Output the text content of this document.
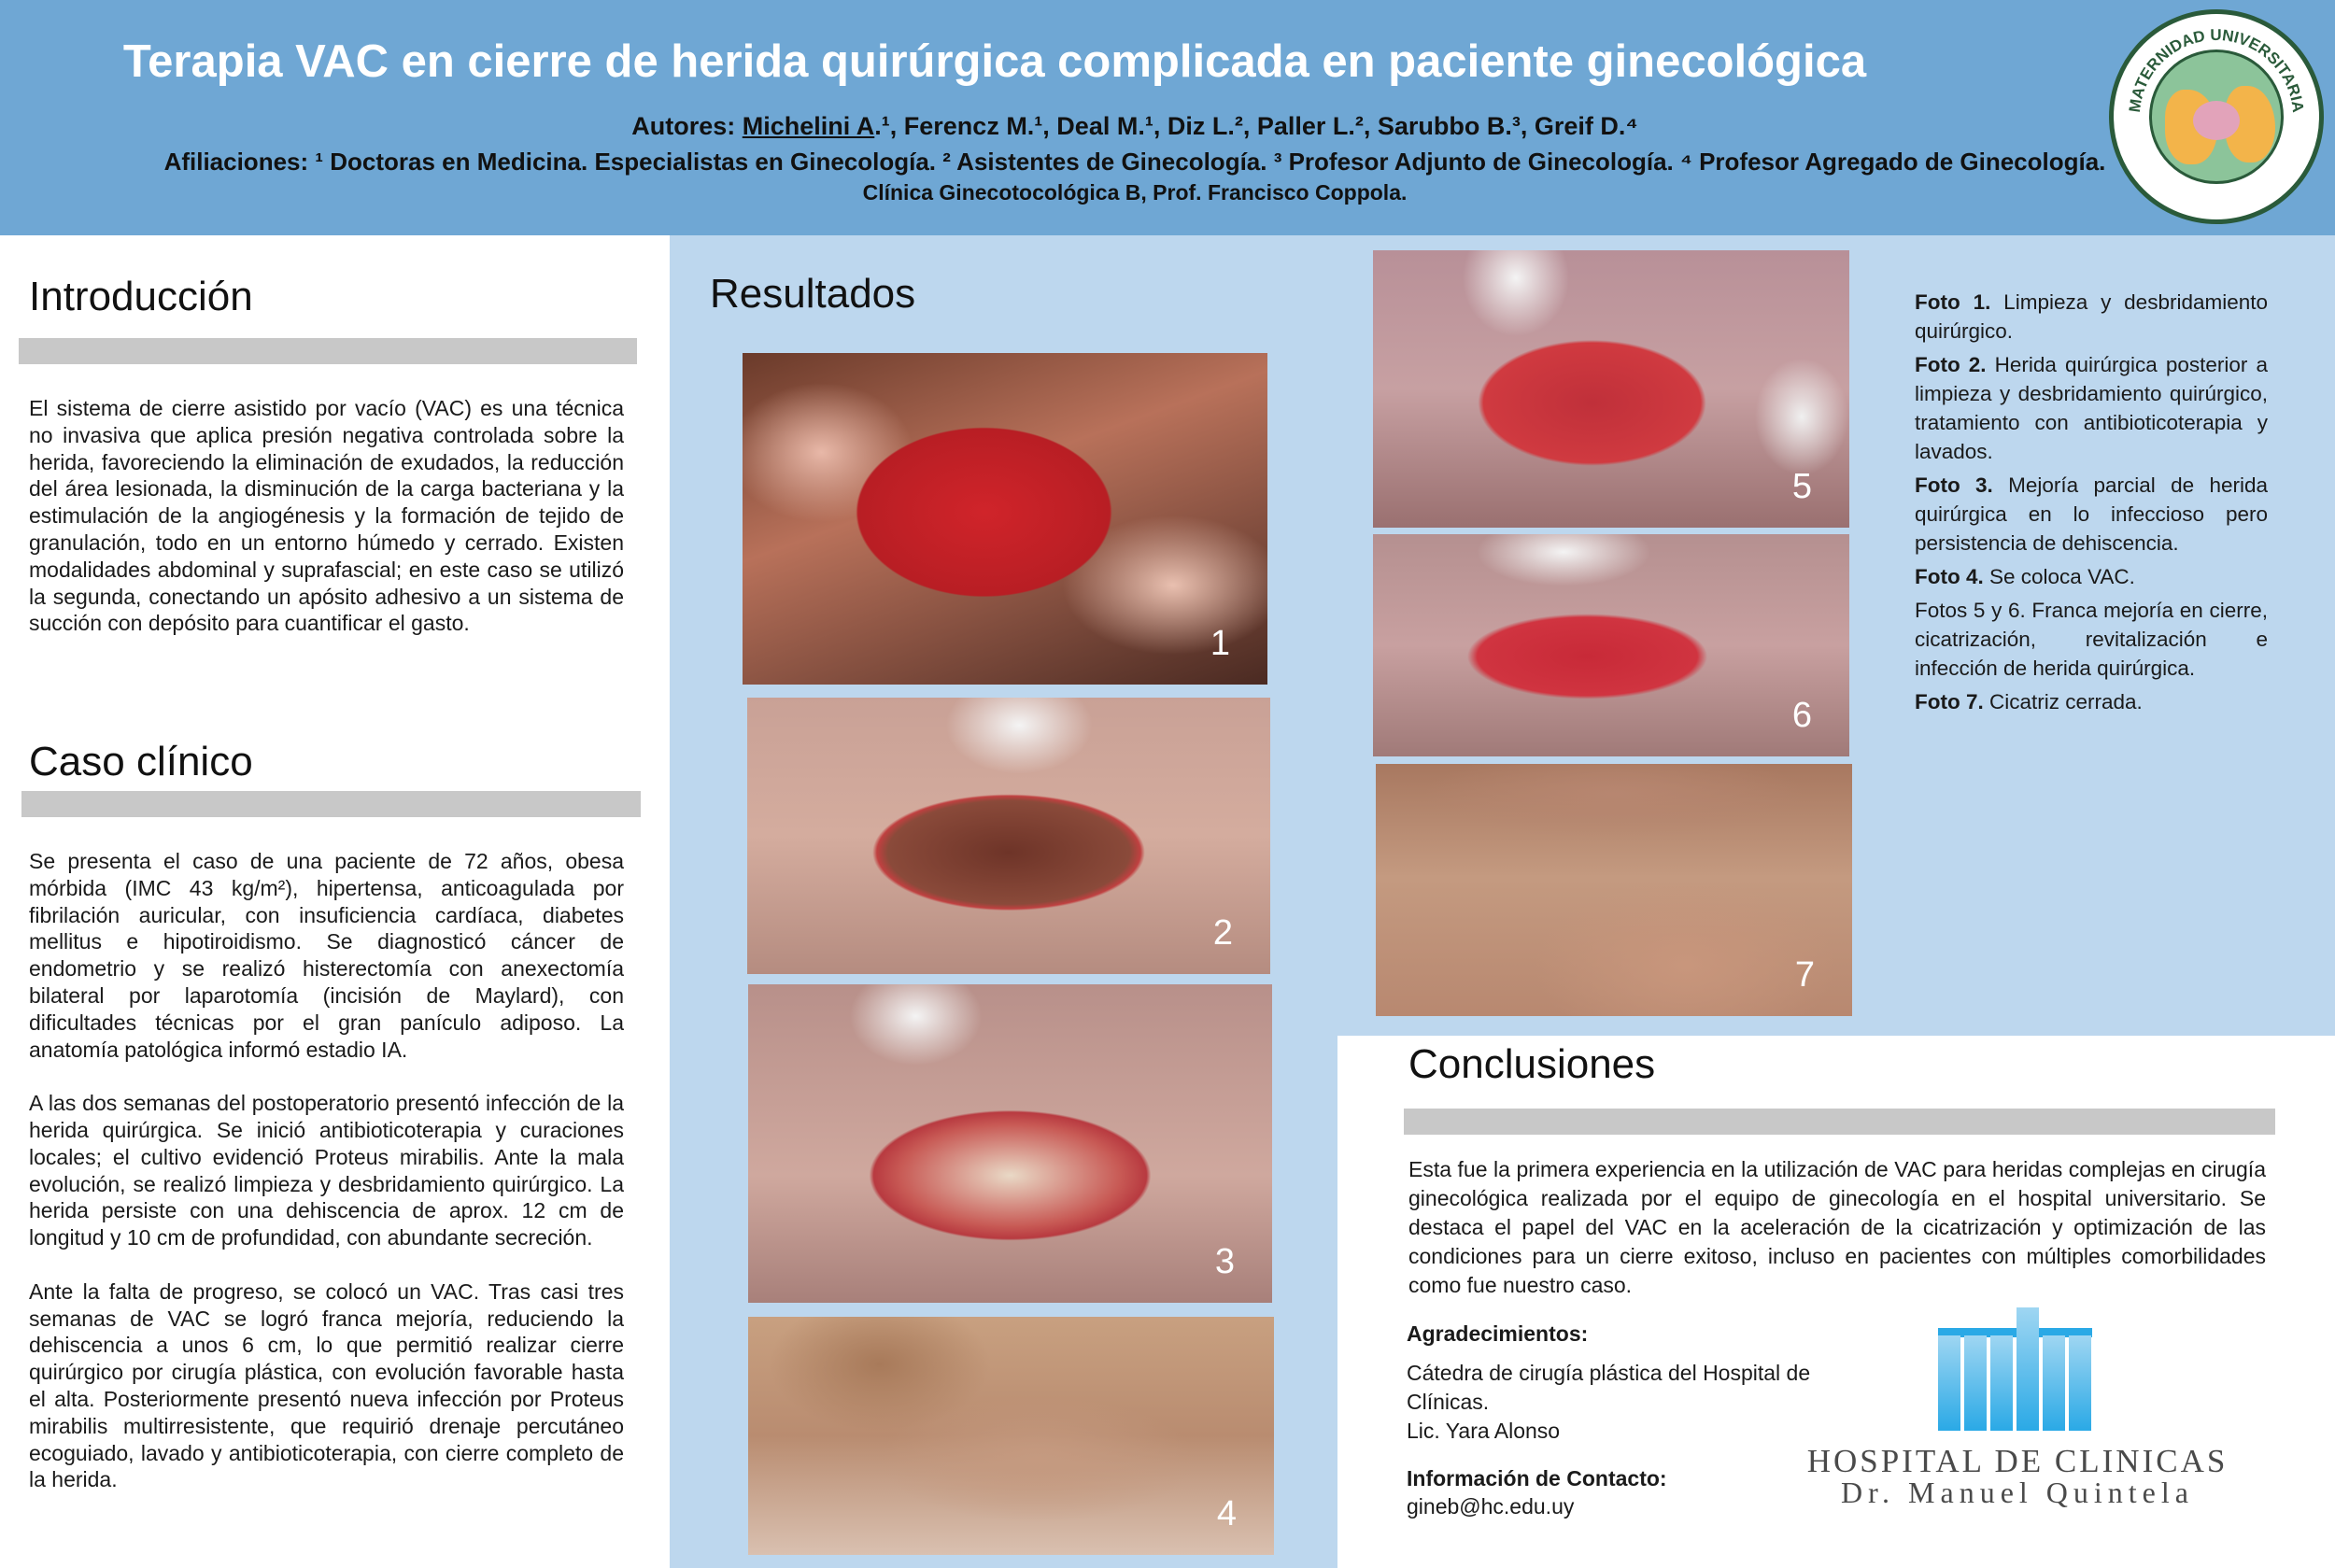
Terapia VAC en cierre de herida quirúrgica complicada en paciente ginecológica
Autores: Michelini A.¹, Ferencz M.¹, Deal M.¹, Diz L.², Paller L.², Sarubbo B.³, Greif D.⁴
Afiliaciones: ¹ Doctoras en Medicina. Especialistas en Ginecología. ² Asistentes de Ginecología. ³ Profesor Adjunto de Ginecología. ⁴ Profesor Agregado de Ginecología.
Clínica Ginecotocológica B, Prof. Francisco Coppola.
MATERNIDAD UNIVERSITARIA
Introducción
El sistema de cierre asistido por vacío (VAC) es una técnica no invasiva que aplica presión negativa controlada sobre la herida, favoreciendo la eliminación de exudados, la reducción del área lesionada, la disminución de la carga bacteriana y la estimulación de la angiogénesis y la formación de tejido de granulación, todo en un entorno húmedo y cerrado. Existen modalidades abdominal y suprafascial; en este caso se utilizó la segunda, conectando un apósito adhesivo a un sistema de succión con depósito para cuantificar el gasto.
Caso clínico

Se presenta el caso de una paciente de 72 años, obesa mórbida (IMC 43 kg/m²), hipertensa, anticoagulada por fibrilación auricular, con insuficiencia cardíaca, diabetes mellitus e hipotiroidismo. Se diagnosticó cáncer de endometrio y se realizó histerectomía con anexectomía bilateral por laparotomía (incisión de Maylard), con dificultades técnicas por el gran panículo adiposo. La anatomía patológica informó estadio IA.

A las dos semanas del postoperatorio presentó infección de la herida quirúrgica. Se inició antibioticoterapia y curaciones locales; el cultivo evidenció Proteus mirabilis. Ante la mala evolución, se realizó limpieza y desbridamiento quirúrgico. La herida persiste con una dehiscencia de aprox. 12 cm de longitud y 10 cm de profundidad, con abundante secreción.

Ante la falta de progreso, se colocó un VAC. Tras casi tres semanas de VAC se logró franca mejoría, reduciendo la dehiscencia a unos 6 cm, lo que permitió realizar cierre quirúrgico por cirugía plástica, con evolución favorable hasta el alta. Posteriormente presentó nueva infección por Proteus mirabilis multirresistente, que requirió drenaje percutáneo ecoguiado, lavado y antibioticoterapia, con cierre completo de la herida.

Resultados
1
2
3
4
5
6
7
Foto 1. Limpieza y desbridamiento quirúrgico.
Foto 2. Herida quirúrgica posterior a limpieza y desbridamiento quirúrgico, tratamiento con antibioticoterapia y lavados.
Foto 3. Mejoría parcial de herida quirúrgica en lo infeccioso pero persistencia de dehiscencia.
Foto 4. Se coloca VAC.
Fotos 5 y 6. Franca mejoría en cierre, cicatrización, revitalización e infección de herida quirúrgica.
Foto 7. Cicatriz cerrada.
Conclusiones
Esta fue la primera experiencia en la utilización de VAC para heridas complejas en cirugía ginecológica realizada por el equipo de ginecología en el hospital universitario. Se destaca el papel del VAC en la aceleración de la cicatrización y optimización de las condiciones para un cierre exitoso, incluso en pacientes con múltiples comorbilidades como fue nuestro caso.
Agradecimientos:
Cátedra de cirugía plástica del Hospital de Clínicas.
Lic. Yara Alonso
Información de Contacto:
gineb@hc.edu.uy
HOSPITAL DE CLINICAS
Dr. Manuel Quintela
